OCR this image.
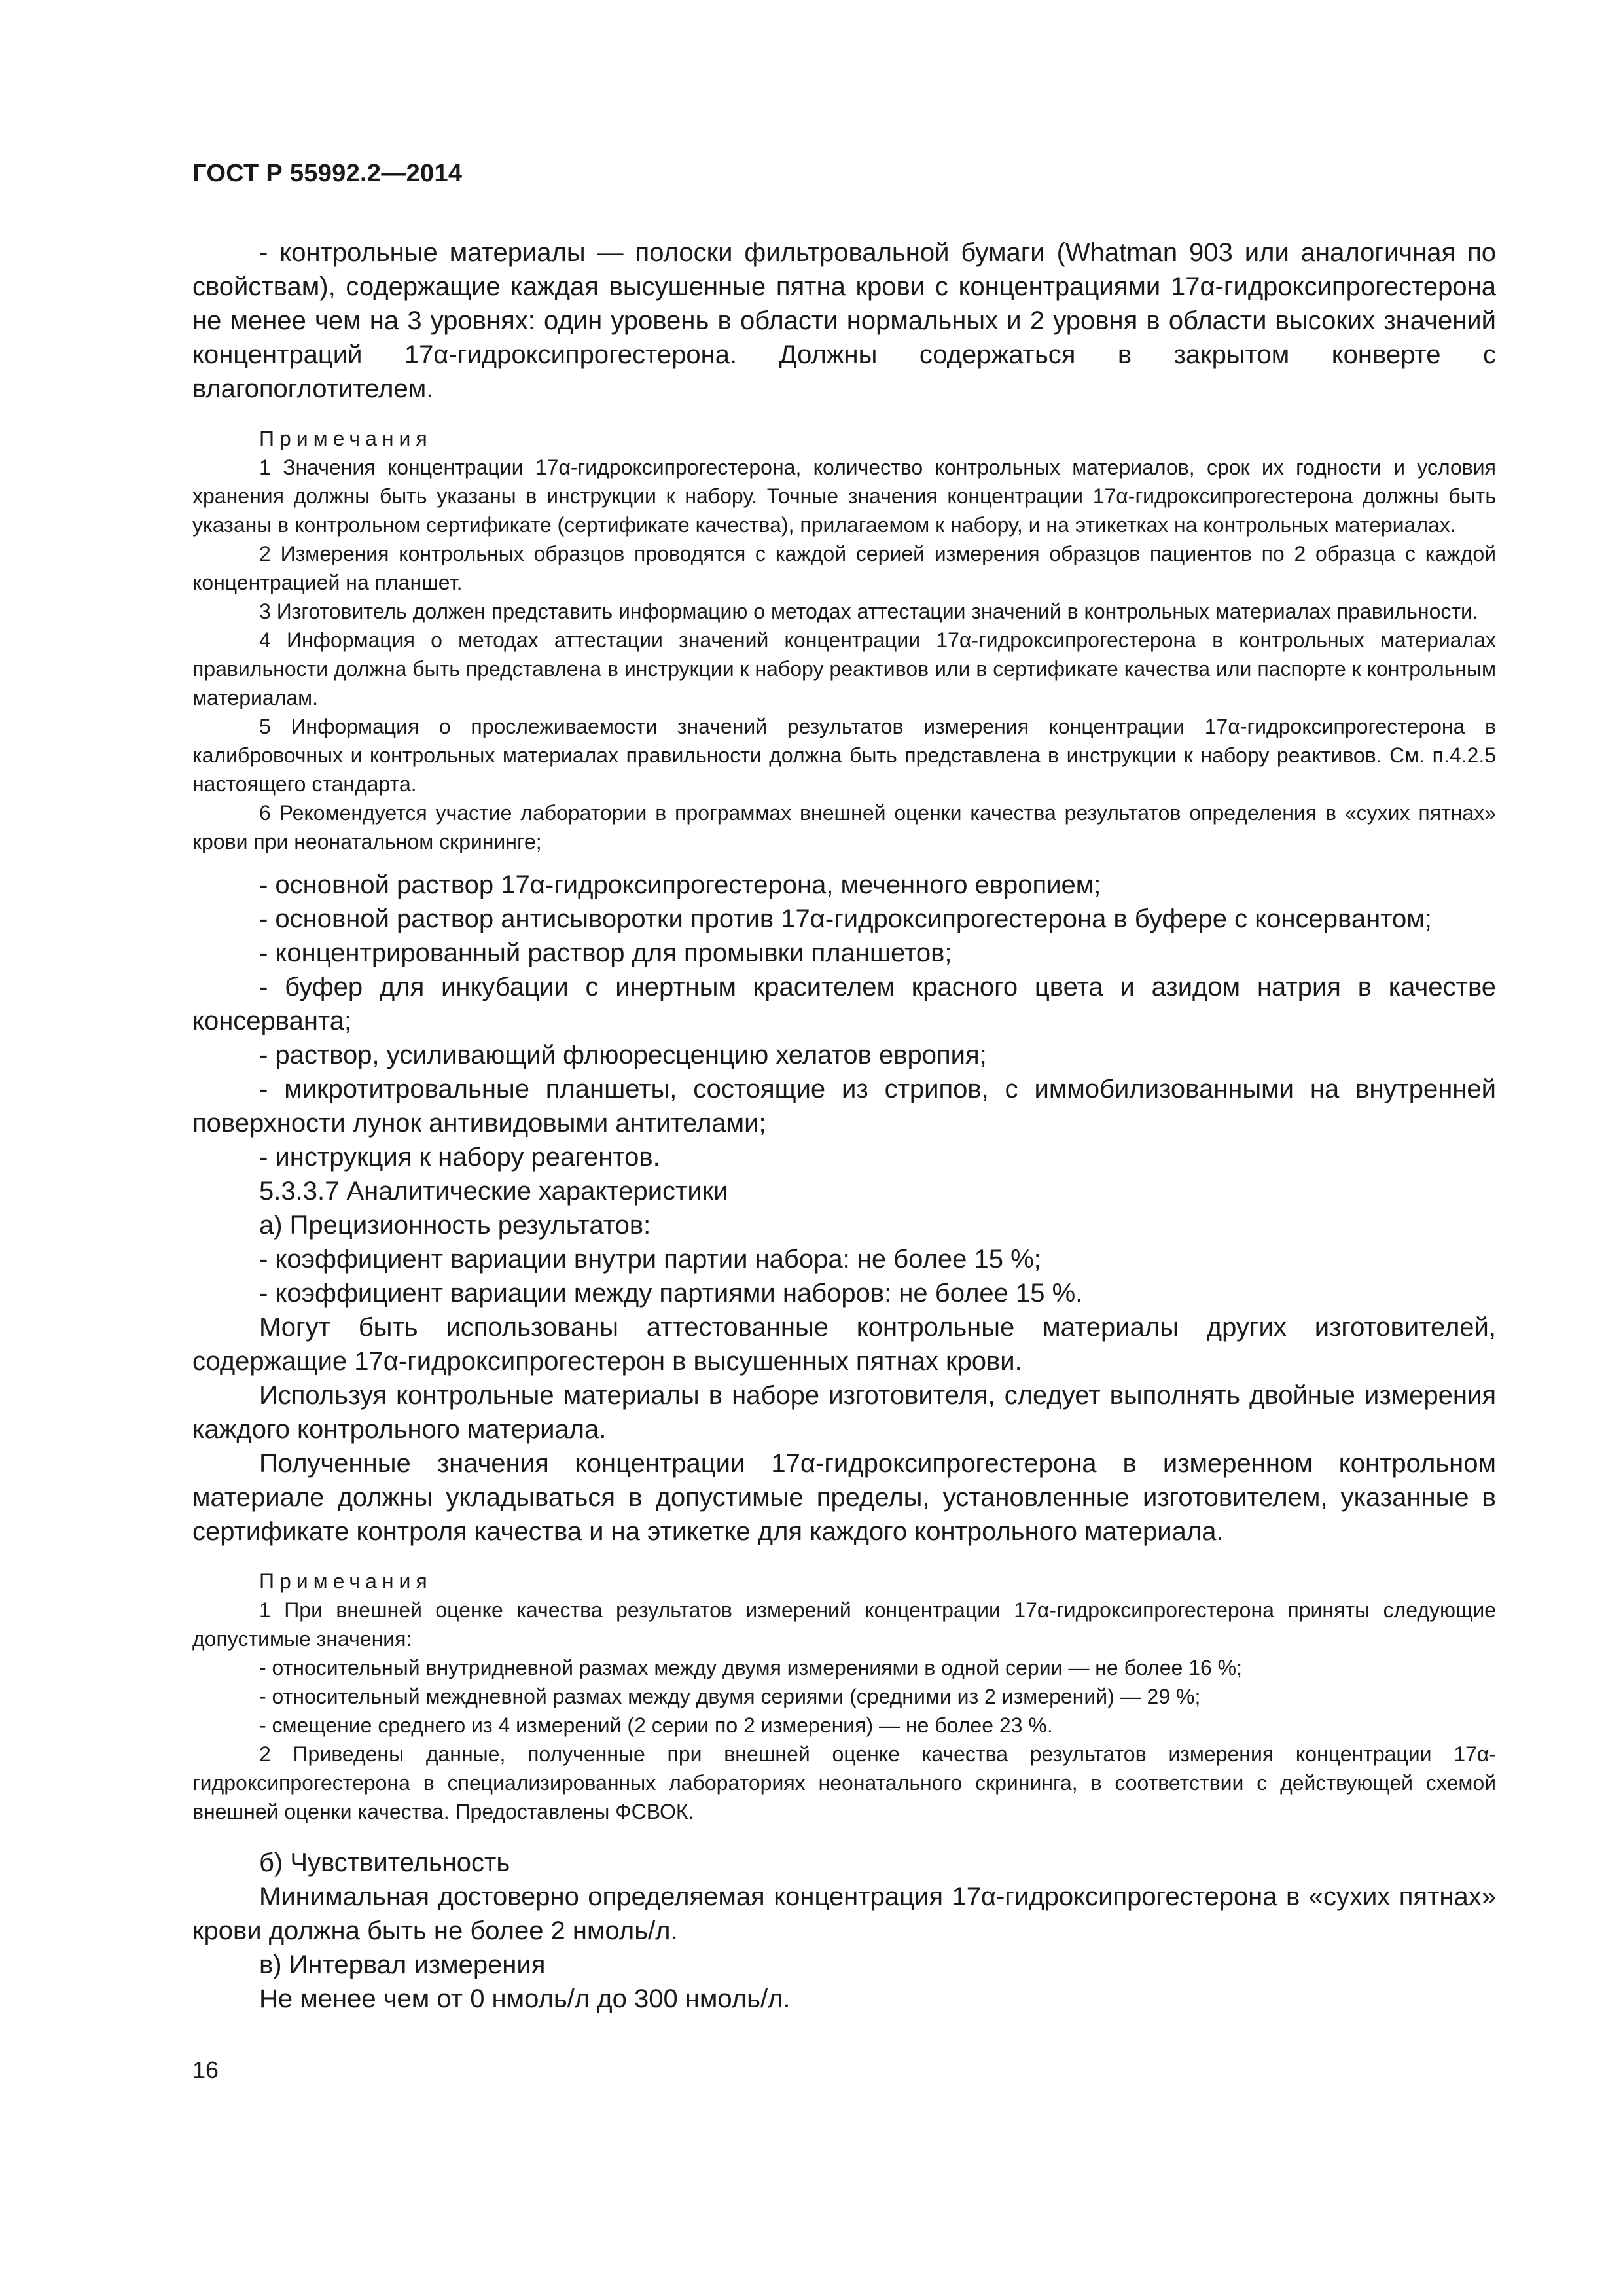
ГОСТ Р 55992.2—2014

- контрольные материалы — полоски фильтровальной бумаги (Whatman 903 или аналогичная по свойствам), содержащие каждая высушенные пятна крови с концентрациями 17α-гидроксипрогестерона не менее чем на 3 уровнях: один уровень в области нормальных и 2 уровня в области высоких значений концентраций 17α-гидроксипрогестерона. Должны содержаться в закрытом конверте с влагопоглотителем.

Примечания

1 Значения концентрации 17α-гидроксипрогестерона, количество контрольных материалов, срок их годности и условия хранения должны быть указаны в инструкции к набору. Точные значения концентрации 17α-гидроксипрогестерона должны быть указаны в контрольном сертификате (сертификате качества), прилагаемом к набору, и на этикетках на контрольных материалах.

2 Измерения контрольных образцов проводятся с каждой серией измерения образцов пациентов по 2 образца с каждой концентрацией на планшет.

3 Изготовитель должен представить информацию о методах аттестации значений в контрольных материалах правильности.

4 Информация о методах аттестации значений концентрации 17α-гидроксипрогестерона в контрольных материалах правильности должна быть представлена в инструкции к набору реактивов или в сертификате качества или паспорте к контрольным материалам.

5 Информация о прослеживаемости значений результатов измерения концентрации 17α-гидроксипрогестерона в калибровочных и контрольных материалах правильности должна быть представлена в инструкции к набору реактивов. См. п.4.2.5 настоящего стандарта.

6 Рекомендуется участие лаборатории в программах внешней оценки качества результатов определения в «сухих пятнах» крови при неонатальном скрининге;

- основной раствор 17α-гидроксипрогестерона, меченного европием;

- основной раствор антисыворотки против 17α-гидроксипрогестерона в буфере с консервантом;

- концентрированный раствор для промывки планшетов;

- буфер для инкубации с инертным красителем красного цвета и азидом натрия в качестве консерванта;

- раствор, усиливающий флюоресценцию хелатов европия;

- микротитровальные планшеты, состоящие из стрипов, с иммобилизованными на внутренней поверхности лунок антивидовыми антителами;

- инструкция к набору реагентов.

5.3.3.7 Аналитические характеристики

а) Прецизионность результатов:

- коэффициент вариации внутри партии набора: не более 15 %;

- коэффициент вариации между партиями наборов: не более 15 %.

Могут быть использованы аттестованные контрольные материалы других изготовителей, содержащие 17α-гидроксипрогестерон в высушенных пятнах крови.

Используя контрольные материалы в наборе изготовителя, следует выполнять двойные измерения каждого контрольного материала.

Полученные значения концентрации 17α-гидроксипрогестерона в измеренном контрольном материале должны укладываться в допустимые пределы, установленные изготовителем, указанные в сертификате контроля качества и на этикетке для каждого контрольного материала.

Примечания

1 При внешней оценке качества результатов измерений концентрации 17α-гидроксипрогестерона приняты следующие допустимые значения:

- относительный внутридневной размах между двумя измерениями в одной серии — не более 16 %;

- относительный междневной размах между двумя сериями (средними из 2 измерений) — 29 %;

- смещение среднего из 4 измерений (2 серии по 2 измерения) — не более 23 %.

2 Приведены данные, полученные при внешней оценке качества результатов измерения концентрации 17α-гидроксипрогестерона в специализированных лабораториях неонатального скрининга, в соответствии с действующей схемой внешней оценки качества. Предоставлены ФСВОК.

б) Чувствительность

Минимальная достоверно определяемая концентрация 17α-гидроксипрогестерона в «сухих пятнах» крови должна быть не более 2 нмоль/л.

в) Интервал измерения

Не менее чем от 0 нмоль/л до 300 нмоль/л.

16
